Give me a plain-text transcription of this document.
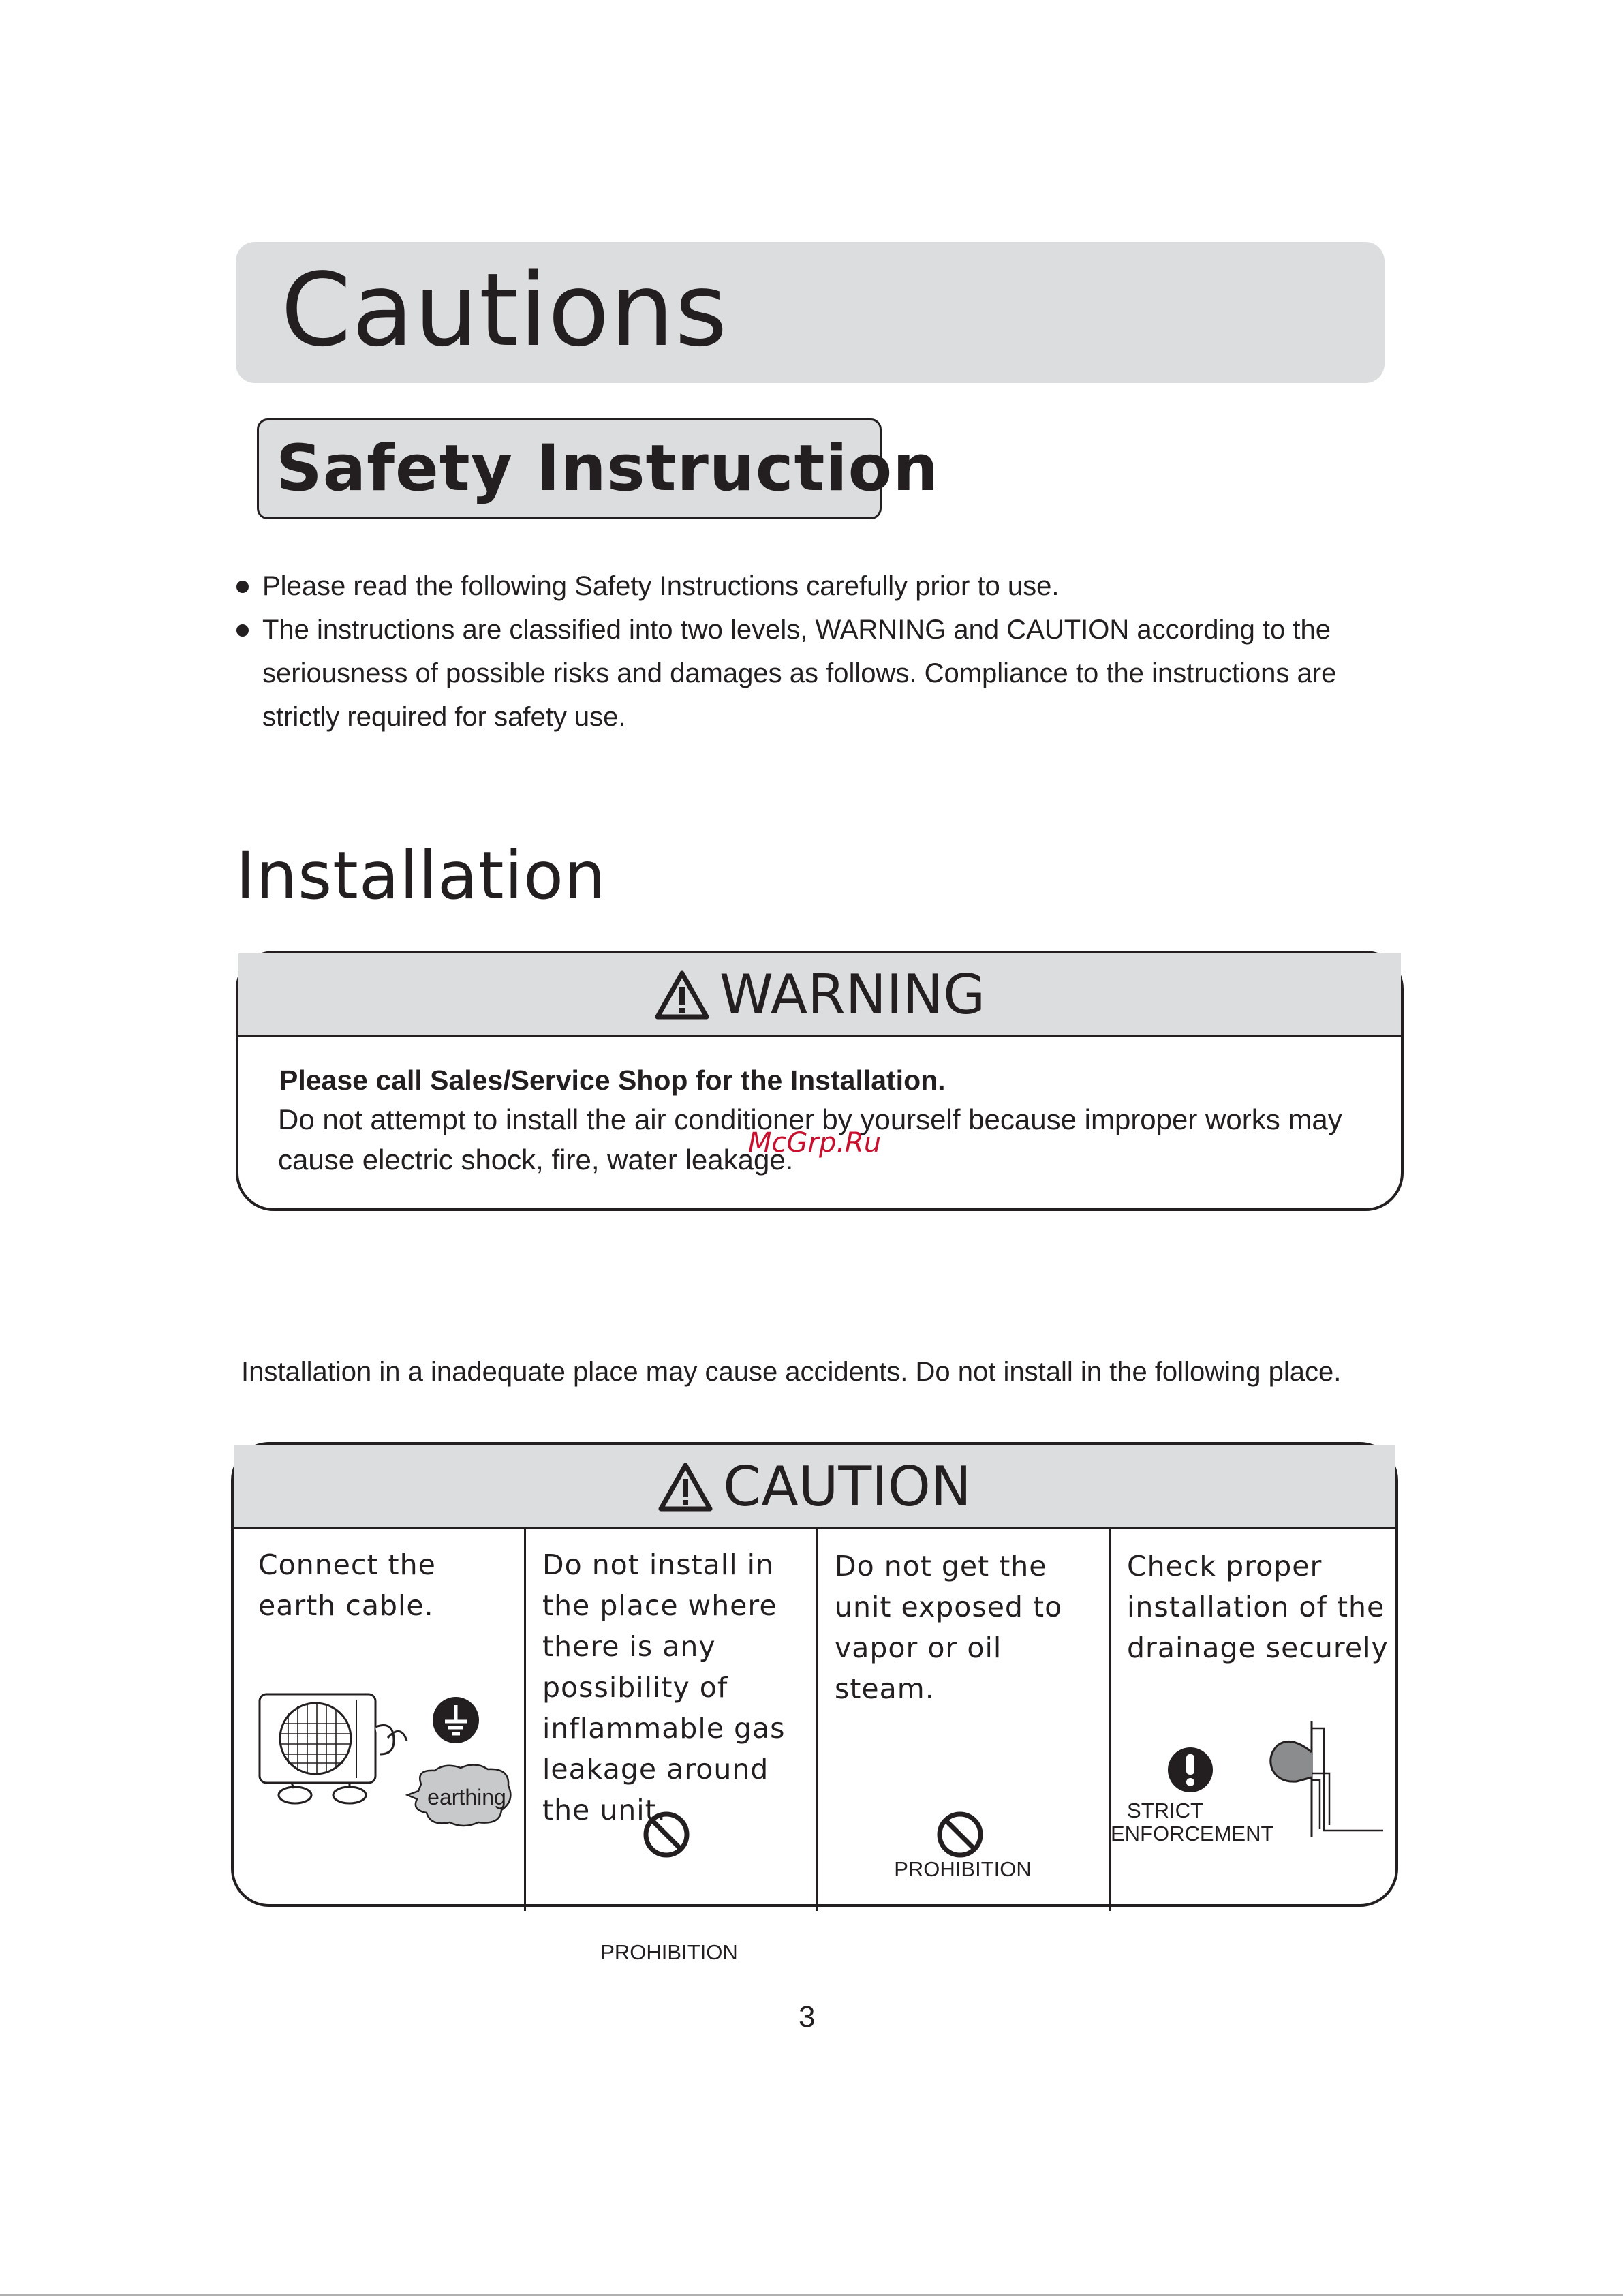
Cautions
Safety Instruction
Please read the following Safety Instructions carefully prior to use.
The instructions are classified into two levels, WARNING and CAUTION according to the seriousness of possible risks and damages as follows. Compliance to the instructions are strictly required for safety use.
Installation
WARNING
Please call Sales/Service Shop for the Installation.
Do not attempt to install the air conditioner by yourself because improper works may cause electric shock, fire, water leakage.
McGrp.Ru
Installation in a inadequate place may cause accidents. Do not install in the following place.
CAUTION
Connect the earth cable.
earthing
Do not install in the place where there is any possibility of inflammable gas leakage around the unit.
PROHIBITION
Do not get the unit exposed to vapor or oil steam.
Check proper installation of the drainage securely
STRICT ENFORCEMENT
PROHIBITION
3
